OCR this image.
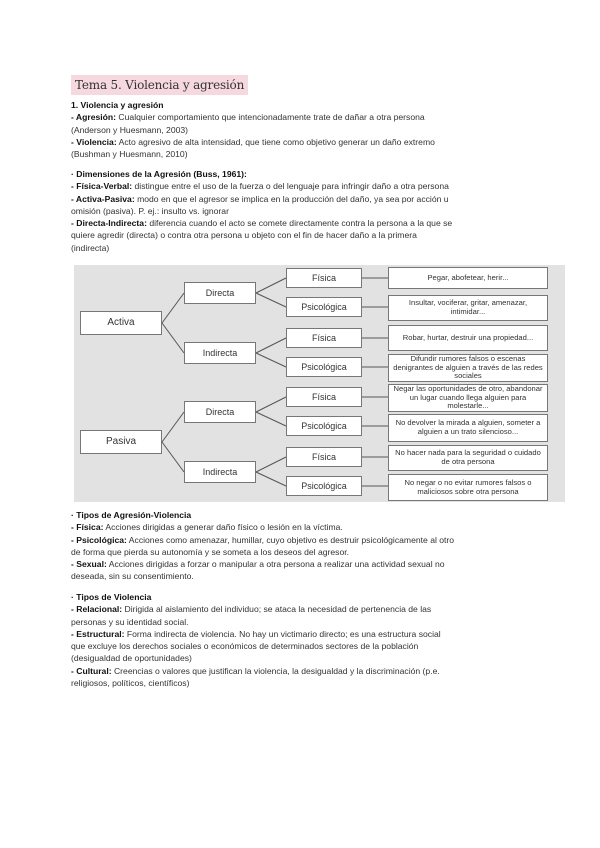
Tema 5. Violencia y agresión
1. Violencia y agresión
- Agresión: Cualquier comportamiento que intencionadamente trate de dañar a otra persona
(Anderson y Huesmann, 2003)
- Violencia: Acto agresivo de alta intensidad, que tiene como objetivo generar un daño extremo
(Bushman y Huesmann, 2010)
· Dimensiones de la Agresión (Buss, 1961):
- Física-Verbal: distingue entre el uso de la fuerza o del lenguaje para infringir daño a otra persona
- Activa-Pasiva: modo en que el agresor se implica en la producción del daño, ya sea por acción u
omisión (pasiva). P. ej.: insulto vs. ignorar
- Directa-Indirecta: diferencia cuando el acto se comete directamente contra la persona a la que se
quiere agredir (directa) o contra otra persona u objeto con el fin de hacer daño a la primera
(indirecta)
Activa
Pasiva
Directa
Indirecta
Directa
Indirecta
Física
Psicológica
Física
Psicológica
Física
Psicológica
Física
Psicológica
Pegar, abofetear, herir...
Insultar, vociferar, gritar, amenazar, intimidar...
Robar, hurtar, destruir una propiedad...
Difundir rumores falsos o escenas denigrantes de alguien a través de las redes sociales
Negar las oportunidades de otro, abandonar un lugar cuando llega alguien para molestarle...
No devolver la mirada a alguien, someter a alguien a un trato silencioso...
No hacer nada para la seguridad o cuidado de otra persona
No negar o no evitar rumores falsos o maliciosos sobre otra persona
· Tipos de Agresión-Violencia
- Física: Acciones dirigidas a generar daño físico o lesión en la víctima.
- Psicológica: Acciones como amenazar, humillar, cuyo objetivo es destruir psicológicamente al otro
de forma que pierda su autonomía y se someta a los deseos del agresor.
- Sexual: Acciones dirigidas a forzar o manipular a otra persona a realizar una actividad sexual no
deseada, sin su consentimiento.
· Tipos de Violencia
- Relacional: Dirigida al aislamiento del individuo; se ataca la necesidad de pertenencia de las
personas y su identidad social.
- Estructural: Forma indirecta de violencia. No hay un victimario directo; es una estructura social
que excluye los derechos sociales o económicos de determinados sectores de la población
(desigualdad de oportunidades)
- Cultural: Creencias o valores que justifican la violencia, la desigualdad y la discriminación (p.e.
religiosos, políticos, científicos)
